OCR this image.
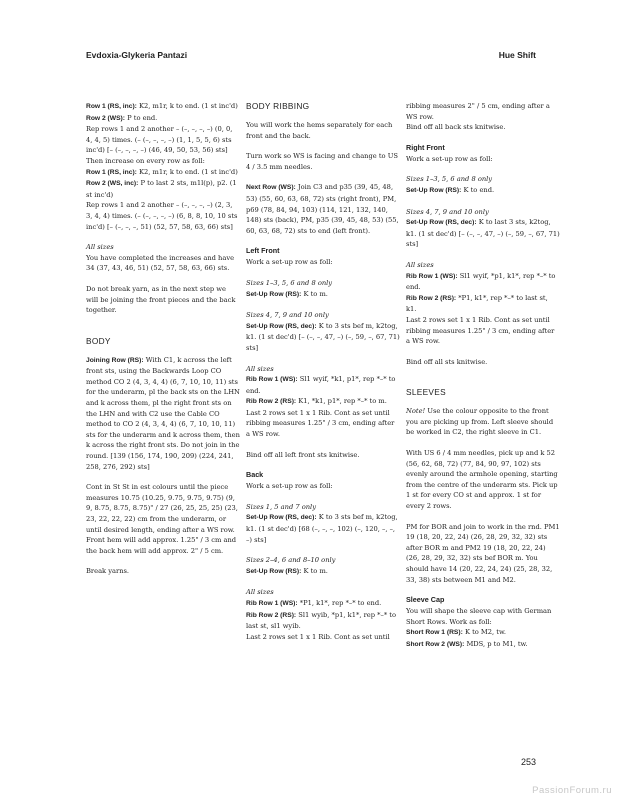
Evdoxia-Glykeria Pantazi	Hue Shift

Row 1 (RS, inc): K2, m1r, k to end. (1 st inc'd)

Row 2 (WS): P to end.

Rep rows 1 and 2 another – (–, –, –, –) (0, 0, 4, 4, 5) times. (– (–, –, –, –) (1, 1, 5, 5, 6) sts inc'd) [– (–, –, –, –) (46, 49, 50, 53, 56) sts]

Then increase on every row as foll:

Row 1 (RS, inc): K2, m1r, k to end. (1 st inc'd)

Row 2 (WS, inc): P to last 2 sts, m1l(p), p2. (1 st inc'd)

Rep rows 1 and 2 another – (–, –, –, –) (2, 3, 3, 4, 4) times. (– (–, –, –, –) (6, 8, 8, 10, 10 sts inc'd) [– (–, –, –, 51) (52, 57, 58, 63, 66) sts]

All sizes

You have completed the increases and have 34 (37, 43, 46, 51) (52, 57, 58, 63, 66) sts.

Do not break yarn, as in the next step we will be joining the front pieces and the back together.

BODY

Joining Row (RS): With C1, k across the left front sts, using the Backwards Loop CO method CO 2 (4, 3, 4, 4) (6, 7, 10, 10, 11) sts for the underarm, pl the back sts on the LHN and k across them, pl the right front sts on the LHN and with C2 use the Cable CO method to CO 2 (4, 3, 4, 4) (6, 7, 10, 10, 11) sts for the underarm and k across them, then k across the right front sts. Do not join in the round. [139 (156, 174, 190, 209) (224, 241, 258, 276, 292) sts]

Cont in St St in est colours until the piece measures 10.75 (10.25, 9.75, 9.75, 9.75) (9, 9, 8.75, 8.75, 8.75)" / 27 (26, 25, 25, 25) (23, 23, 22, 22, 22) cm from the underarm, or until desired length, ending after a WS row. Front hem will add approx. 1.25" / 3 cm and the back hem will add approx. 2" / 5 cm.

Break yarns.

BODY RIBBING

You will work the hems separately for each front and the back.

Turn work so WS is facing and change to US 4 / 3.5 mm needles.

Next Row (WS): Join C3 and p35 (39, 45, 48, 53) (55, 60, 63, 68, 72) sts (right front), PM, p69 (78, 84, 94, 103) (114, 121, 132, 140, 148) sts (back), PM, p35 (39, 45, 48, 53) (55, 60, 63, 68, 72) sts to end (left front).

Left Front

Work a set-up row as foll:

Sizes 1–3, 5, 6 and 8 only

Set-Up Row (RS): K to m.

Sizes 4, 7, 9 and 10 only

Set-Up Row (RS, dec): K to 3 sts bef m, k2tog, k1. (1 st dec'd) [– (–, –, 47, –) (–, 59, –, 67, 71) sts]

All sizes

Rib Row 1 (WS): Sl1 wyif, *k1, p1*, rep *–* to end.

Rib Row 2 (RS): K1, *k1, p1*, rep *–* to m.

Last 2 rows set 1 x 1 Rib. Cont as set until ribbing measures 1.25" / 3 cm, ending after a WS row.

Bind off all left front sts knitwise.

Back

Work a set-up row as foll:

Sizes 1, 5 and 7 only

Set-Up Row (RS, dec): K to 3 sts bef m, k2tog, k1. (1 st dec'd) [68 (–, –, –, 102) (–, 120, –, –, –) sts]

Sizes 2–4, 6 and 8–10 only

Set-Up Row (RS): K to m.

All sizes

Rib Row 1 (WS): *P1, k1*, rep *–* to end.

Rib Row 2 (RS): Sl1 wyib, *p1, k1*, rep *–* to last st, sl1 wyib.

Last 2 rows set 1 x 1 Rib. Cont as set until

ribbing measures 2" / 5 cm, ending after a WS row.

Bind off all back sts knitwise.

Right Front

Work a set-up row as foll:

Sizes 1–3, 5, 6 and 8 only

Set-Up Row (RS): K to end.

Sizes 4, 7, 9 and 10 only

Set-Up Row (RS, dec): K to last 3 sts, k2tog, k1. (1 st dec'd) [– (–, –, 47, –) (–, 59, –, 67, 71) sts]

All sizes

Rib Row 1 (WS): Sl1 wyif, *p1, k1*, rep *–* to end.

Rib Row 2 (RS): *P1, k1*, rep *–* to last st, k1.

Last 2 rows set 1 x 1 Rib. Cont as set until ribbing measures 1.25" / 3 cm, ending after a WS row.

Bind off all sts knitwise.

SLEEVES

Note! Use the colour opposite to the front you are picking up from. Left sleeve should be worked in C2, the right sleeve in C1.

With US 6 / 4 mm needles, pick up and k 52 (56, 62, 68, 72) (77, 84, 90, 97, 102) sts evenly around the armhole opening, starting from the centre of the underarm sts. Pick up 1 st for every CO st and approx. 1 st for every 2 rows.

PM for BOR and join to work in the rnd. PM1 19 (18, 20, 22, 24) (26, 28, 29, 32, 32) sts after BOR m and PM2 19 (18, 20, 22, 24) (26, 28, 29, 32, 32) sts bef BOR m. You should have 14 (20, 22, 24, 24) (25, 28, 32, 33, 38) sts between M1 and M2.

Sleeve Cap

You will shape the sleeve cap with German Short Rows. Work as foll:

Short Row 1 (RS): K to M2, tw.

Short Row 2 (WS): MDS, p to M1, tw.

253
PassionForum.ru
